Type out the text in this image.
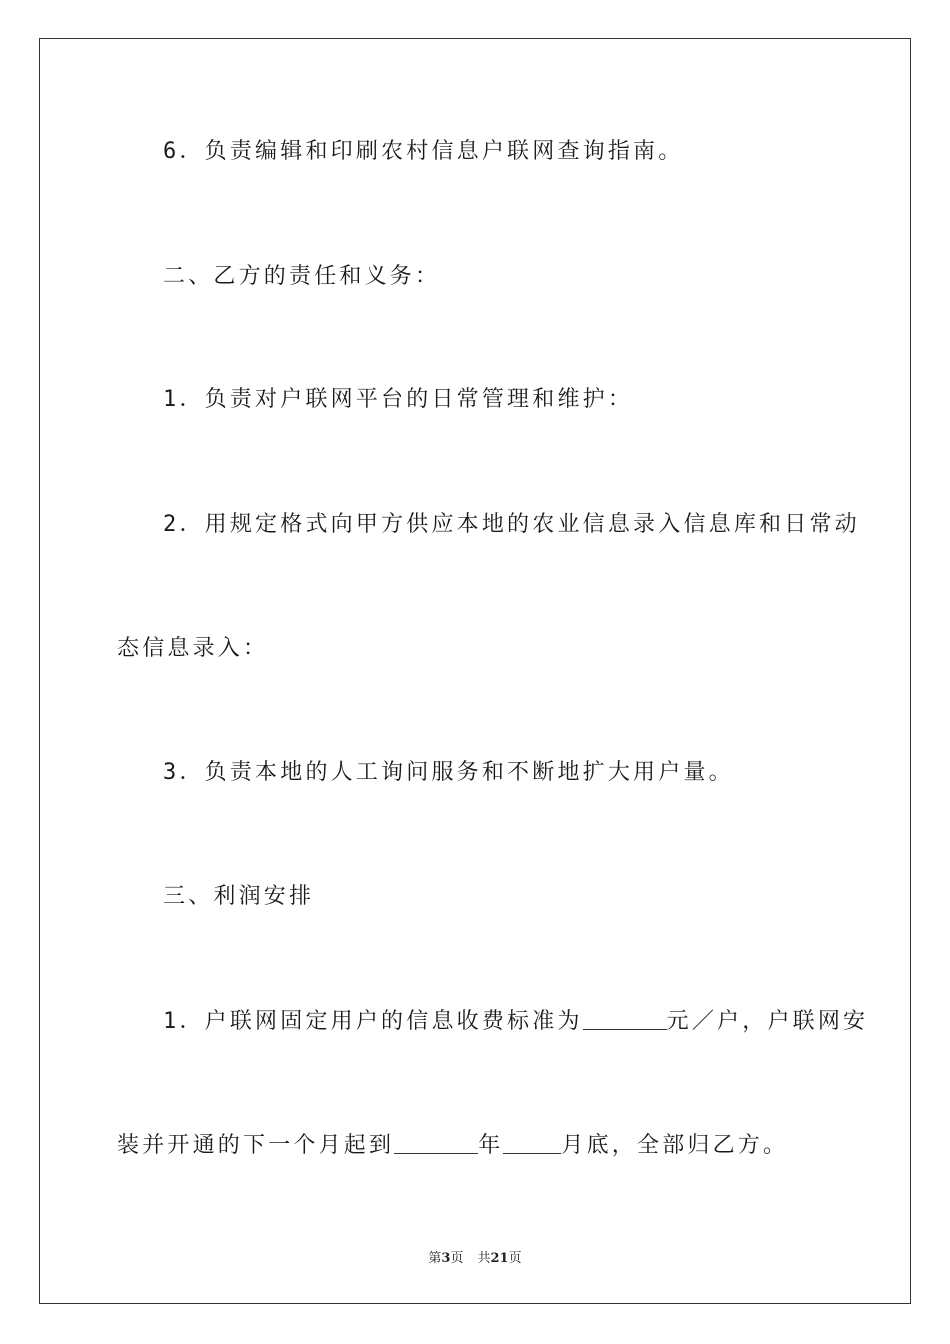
6．负责编辑和印刷农村信息户联网查询指南。
二、乙方的责任和义务：
1．负责对户联网平台的日常管理和维护：
2．用规定格式向甲方供应本地的农业信息录入信息库和日常动
态信息录入：
3．负责本地的人工询问服务和不断地扩大用户量。
三、利润安排
1．户联网固定用户的信息收费标准为	元／户，户联网安
装并开通的下一个月起到	年	月底，全部归乙方。
第3页 共21页
